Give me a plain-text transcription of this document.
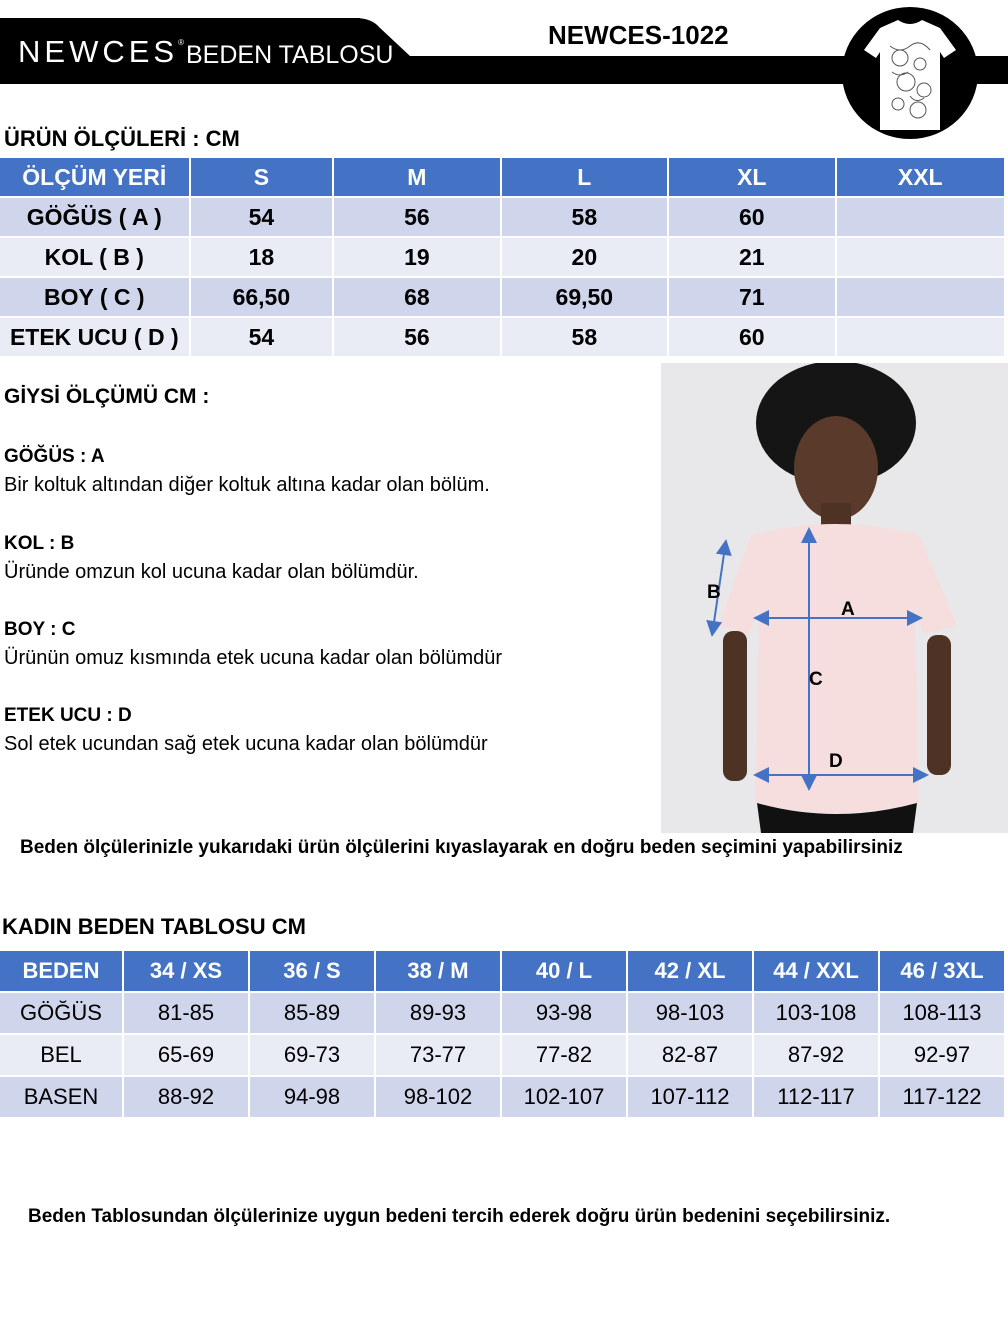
NEWCES® BEDEN TABLOSU
NEWCES-1022
ÜRÜN ÖLÇÜLERİ : CM
ÖLÇÜM YERİ	S	M	L	XL	XXL
GÖĞÜS ( A )	54	56	58	60	
KOL ( B )	18	19	20	21	
BOY ( C )	66,50	68	69,50	71	
ETEK UCU ( D )	54	56	58	60	
GİYSİ ÖLÇÜMÜ CM :
GÖĞÜS : A
Bir koltuk altından diğer koltuk altına kadar olan bölüm.
KOL : B
Üründe omzun kol ucuna kadar olan bölümdür.
BOY : C
Ürünün omuz kısmında etek ucuna kadar olan bölümdür
ETEK UCU : D
Sol etek ucundan sağ etek ucuna kadar olan bölümdür
A
B
C
D
Beden ölçülerinizle yukarıdaki ürün ölçülerini kıyaslayarak en doğru beden seçimini yapabilirsiniz
KADIN BEDEN TABLOSU CM
BEDEN	34 / XS	36 / S	38 / M	40 / L	42 / XL	44 / XXL	46 / 3XL
GÖĞÜS	81-85	85-89	89-93	93-98	98-103	103-108	108-113
BEL	65-69	69-73	73-77	77-82	82-87	87-92	92-97
BASEN	88-92	94-98	98-102	102-107	107-112	112-117	117-122
Beden Tablosundan ölçülerinize uygun bedeni tercih ederek doğru ürün bedenini seçebilirsiniz.
